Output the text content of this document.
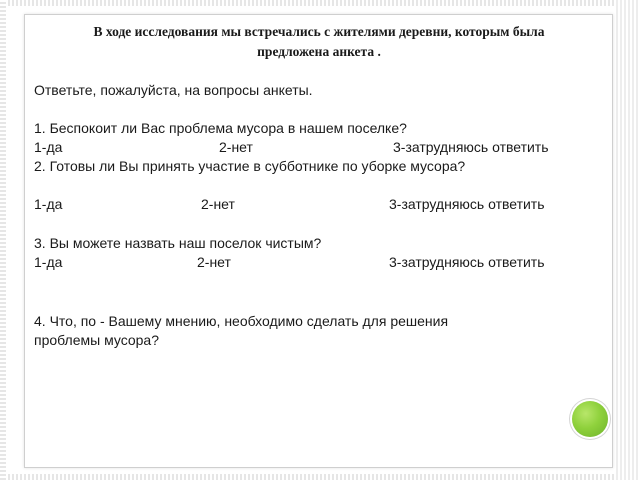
В ходе исследования мы встречались с жителями деревни, которым была
предложена анкета .
Ответьте, пожалуйста, на вопросы анкеты.
1. Беспокоит ли Вас проблема мусора в нашем поселке?
1-да	2-нет	3-затрудняюсь ответить
2. Готовы ли Вы принять участие в субботнике по уборке мусора?
1-да	2-нет	3-затрудняюсь ответить
3. Вы можете назвать наш поселок чистым?
1-да	2-нет	3-затрудняюсь ответить
4. Что, по - Вашему мнению, необходимо сделать для решения
проблемы мусора?
